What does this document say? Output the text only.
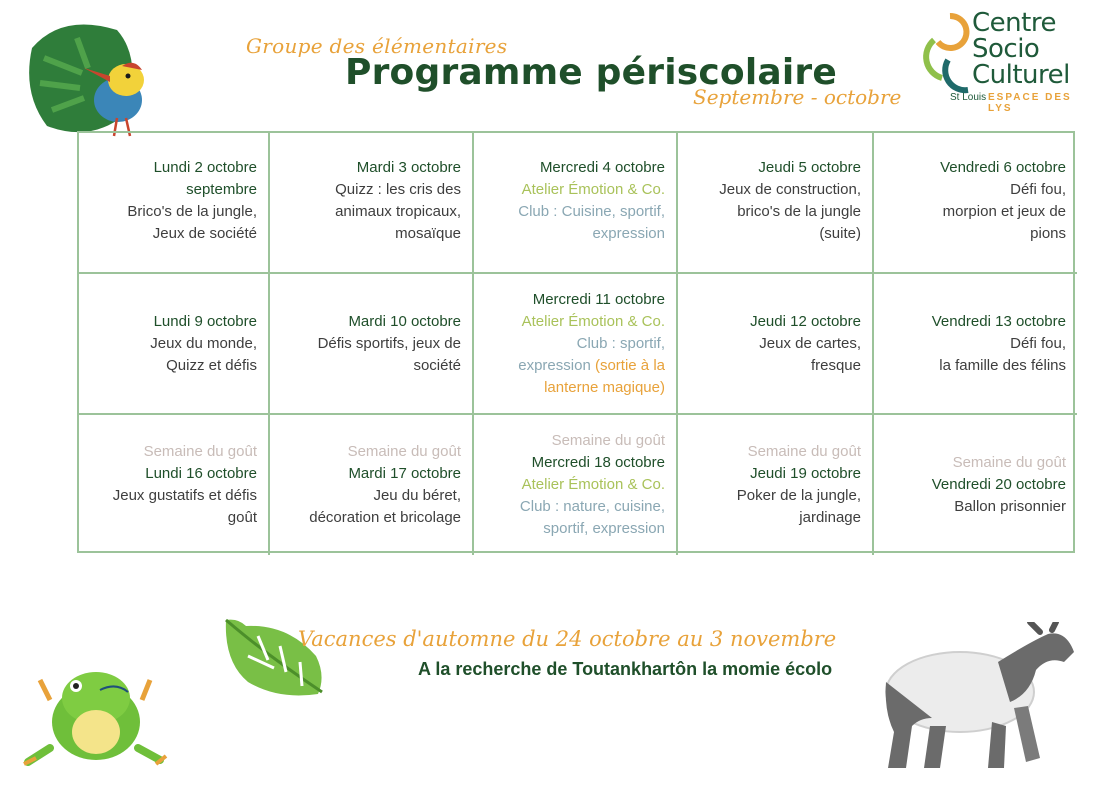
Groupe des élémentaires
Programme périscolaire
Septembre - octobre
Centre
Socio
Culturel
St Louis ESPACE DES LYS
Lundi 2 octobre
septembre
Brico's de la jungle,
Jeux de société
Mardi 3 octobre
Quizz : les cris des
animaux tropicaux,
mosaïque
Mercredi 4 octobre
Atelier Émotion & Co.
Club : Cuisine, sportif,
expression
Jeudi 5 octobre
Jeux de construction,
brico's de la jungle
(suite)
Vendredi 6 octobre
Défi fou,
morpion et jeux de
pions
Lundi 9 octobre
Jeux du monde,
Quizz et défis
Mardi 10 octobre
Défis sportifs, jeux de
société
Mercredi 11 octobre
Atelier Émotion & Co.
Club : sportif,
expression (sortie à la
lanterne magique)
Jeudi 12 octobre
Jeux de cartes,
fresque
Vendredi 13 octobre
Défi fou,
la famille des félins
Semaine du goût
Lundi 16 octobre
Jeux gustatifs et défis
goût
Semaine du goût
Mardi 17 octobre
Jeu du béret,
décoration et bricolage
Semaine du goût
Mercredi 18 octobre
Atelier Émotion & Co.
Club : nature, cuisine,
sportif, expression
Semaine du goût
Jeudi 19 octobre
Poker de la jungle,
jardinage
Semaine du goût
Vendredi 20 octobre
Ballon prisonnier
Vacances d'automne du 24 octobre au 3 novembre
A la recherche de Toutankhartôn la momie écolo
